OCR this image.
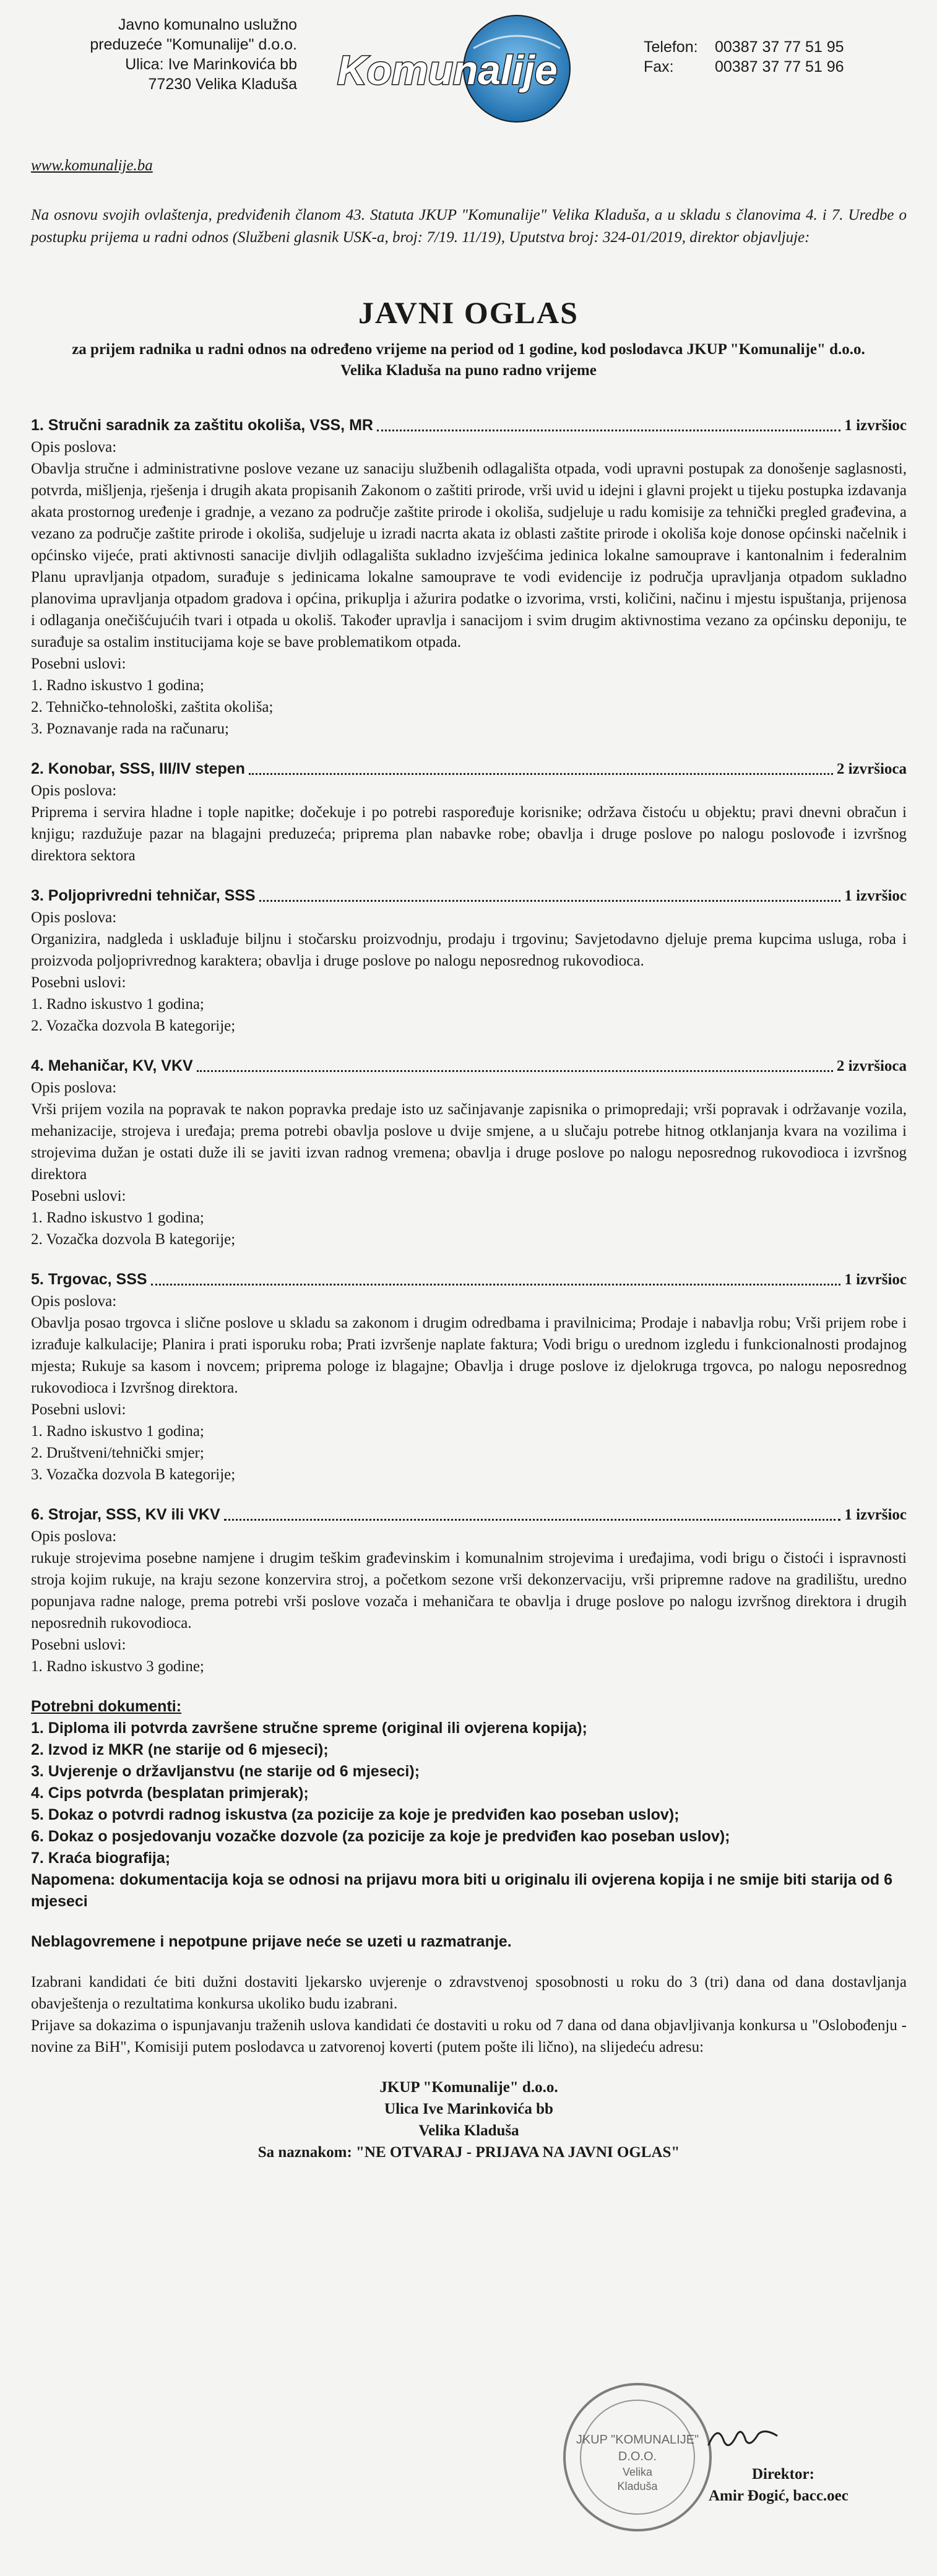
Javno komunalno uslužno
preduzeće "Komunalije" d.o.o.
Ulica: Ive Marinkovića bb
77230 Velika Kladuša Komunalije	Telefon:	00387 37 77 51 95
Fax:	00387 37 77 51 96
www.komunalije.ba
Na osnovu svojih ovlaštenja, predviđenih članom 43. Statuta JKUP "Komunalije" Velika Kladuša, a u skladu s članovima 4. i 7. Uredbe o postupku prijema u radni odnos (Službeni glasnik USK-a, broj: 7/19. 11/19), Uputstva broj: 324-01/2019, direktor objavljuje:
JAVNI OGLAS
za prijem radnika u radni odnos na određeno vrijeme na period od 1 godine, kod poslodavca JKUP "Komunalije" d.o.o. Velika Kladuša na puno radno vrijeme
1. Stručni saradnik za zaštitu okoliša, VSS, MR	1 izvršioc
Opis poslova:
Obavlja stručne i administrativne poslove vezane uz sanaciju službenih odlagališta otpada, vodi upravni postupak za donošenje saglasnosti, potvrda, mišljenja, rješenja i drugih akata propisanih Zakonom o zaštiti prirode, vrši uvid u idejni i glavni projekt u tijeku postupka izdavanja akata prostornog uređenje i gradnje, a vezano za područje zaštite prirode i okoliša, sudjeluje u radu komisije za tehnički pregled građevina, a vezano za područje zaštite prirode i okoliša, sudjeluje u izradi nacrta akata iz oblasti zaštite prirode i okoliša koje donose općinski načelnik i općinsko vijeće, prati aktivnosti sanacije divljih odlagališta sukladno izvješćima jedinica lokalne samouprave i kantonalnim i federalnim Planu upravljanja otpadom, surađuje s jedinicama lokalne samouprave te vodi evidencije iz područja upravljanja otpadom sukladno planovima upravljanja otpadom gradova i općina, prikuplja i ažurira podatke o izvorima, vrsti, količini, načinu i mjestu ispuštanja, prijenosa i odlaganja onečišćujućih tvari i otpada u okoliš. Također upravlja i sanacijom i svim drugim aktivnostima vezano za općinsku deponiju, te surađuje sa ostalim institucijama koje se bave problematikom otpada.
Posebni uslovi:
1. Radno iskustvo 1 godina;
2. Tehničko-tehnološki, zaštita okoliša;
3. Poznavanje rada na računaru;
2. Konobar, SSS, III/IV stepen	2 izvršioca
Opis poslova:
Priprema i servira hladne i tople napitke; dočekuje i po potrebi raspoređuje korisnike; održava čistoću u objektu; pravi dnevni obračun i knjigu; razdužuje pazar na blagajni preduzeća; priprema plan nabavke robe; obavlja i druge poslove po nalogu poslovođe i izvršnog direktora sektora
3. Poljoprivredni tehničar, SSS	1 izvršioc
Opis poslova:
Organizira, nadgleda i usklađuje biljnu i stočarsku proizvodnju, prodaju i trgovinu; Savjetodavno djeluje prema kupcima usluga, roba i proizvoda poljoprivrednog karaktera; obavlja i druge poslove po nalogu neposrednog rukovodioca.
Posebni uslovi:
1. Radno iskustvo 1 godina;
2. Vozačka dozvola B kategorije;
4. Mehaničar, KV, VKV	2 izvršioca
Opis poslova:
Vrši prijem vozila na popravak te nakon popravka predaje isto uz sačinjavanje zapisnika o primopredaji; vrši popravak i održavanje vozila, mehanizacije, strojeva i uređaja; prema potrebi obavlja poslove u dvije smjene, a u slučaju potrebe hitnog otklanjanja kvara na vozilima i strojevima dužan je ostati duže ili se javiti izvan radnog vremena; obavlja i druge poslove po nalogu neposrednog rukovodioca i izvršnog direktora
Posebni uslovi:
1. Radno iskustvo 1 godina;
2. Vozačka dozvola B kategorije;
5. Trgovac, SSS	1 izvršioc
Opis poslova:
Obavlja posao trgovca i slične poslove u skladu sa zakonom i drugim odredbama i pravilnicima; Prodaje i nabavlja robu; Vrši prijem robe i izrađuje kalkulacije; Planira i prati isporuku roba; Prati izvršenje naplate faktura; Vodi brigu o urednom izgledu i funkcionalnosti prodajnog mjesta; Rukuje sa kasom i novcem; priprema pologe iz blagajne; Obavlja i druge poslove iz djelokruga trgovca, po nalogu neposrednog rukovodioca i Izvršnog direktora.
Posebni uslovi:
1. Radno iskustvo 1 godina;
2. Društveni/tehnički smjer;
3. Vozačka dozvola B kategorije;
6. Strojar, SSS, KV ili VKV	1 izvršioc
Opis poslova:
rukuje strojevima posebne namjene i drugim teškim građevinskim i komunalnim strojevima i uređajima, vodi brigu o čistoći i ispravnosti stroja kojim rukuje, na kraju sezone konzervira stroj, a početkom sezone vrši dekonzervaciju, vrši pripremne radove na gradilištu, uredno popunjava radne naloge, prema potrebi vrši poslove vozača i mehaničara te obavlja i druge poslove po nalogu izvršnog direktora i drugih neposrednih rukovodioca.
Posebni uslovi:
1. Radno iskustvo 3 godine;
Potrebni dokumenti:
1. Diploma ili potvrda završene stručne spreme (original ili ovjerena kopija);
2. Izvod iz MKR (ne starije od 6 mjeseci);
3. Uvjerenje o državljanstvu (ne starije od 6 mjeseci);
4. Cips potvrda (besplatan primjerak);
5. Dokaz o potvrdi radnog iskustva (za pozicije za koje je predviđen kao poseban uslov);
6. Dokaz o posjedovanju vozačke dozvole (za pozicije za koje je predviđen kao poseban uslov);
7. Kraća biografija;
Napomena: dokumentacija koja se odnosi na prijavu mora biti u originalu ili ovjerena kopija i ne smije biti starija od 6 mjeseci
Neblagovremene i nepotpune prijave neće se uzeti u razmatranje.
Izabrani kandidati će biti dužni dostaviti ljekarsko uvjerenje o zdravstvenoj sposobnosti u roku do 3 (tri) dana od dana dostavljanja obavještenja o rezultatima konkursa ukoliko budu izabrani.
Prijave sa dokazima o ispunjavanju traženih uslova kandidati će dostaviti u roku od 7 dana od dana objavljivanja konkursa u "Oslobođenju - novine za BiH", Komisiji putem poslodavca u zatvorenoj koverti (putem pošte ili lično), na slijedeću adresu:
JKUP "Komunalije" d.o.o.
Ulica Ive Marinkovića bb
Velika Kladuša
Sa naznakom: "NE OTVARAJ - PRIJAVA NA JAVNI OGLAS"
JKUP "KOMUNALIJE"
D.O.O.
Velika
Kladuša
Direktor:
Amir Đogić, bacc.oec
